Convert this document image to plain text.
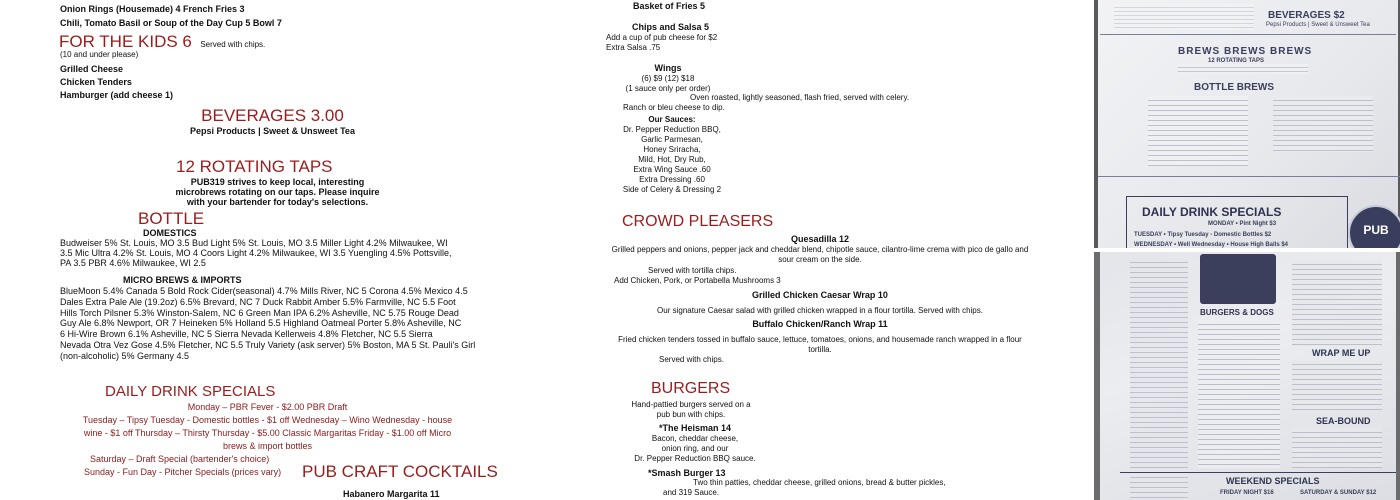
Onion Rings (Housemade) 4 French Fries 3
Chili, Tomato Basil or Soup of the Day Cup 5 Bowl 7
FOR THE KIDS 6 Served with chips.
(10 and under please)
Grilled Cheese
Chicken Tenders
Hamburger (add cheese 1)
BEVERAGES 3.00
Pepsi Products | Sweet & Unsweet Tea
12 ROTATING TAPS
PUB319 strives to keep local, interesting
microbrews rotating on our taps. Please inquire
with your bartender for today's selections.
BOTTLE
DOMESTICS
Budweiser 5% St. Louis, MO 3.5 Bud Light 5% St. Louis, MO 3.5 Miller Light 4.2% Milwaukee, WI
3.5 Mic Ultra 4.2% St. Louis, MO 4 Coors Light 4.2% Milwaukee, WI 3.5 Yuengling 4.5% Pottsville,
PA 3.5 PBR 4.6% Milwaukee, WI 2.5
MICRO BREWS & IMPORTS
BlueMoon 5.4% Canada 5 Bold Rock Cider(seasonal) 4.7% Mills River, NC 5 Corona 4.5% Mexico 4.5
Dales Extra Pale Ale (19.2oz) 6.5% Brevard, NC 7 Duck Rabbit Amber 5.5% Farmville, NC 5.5 Foot
Hills Torch Pilsner 5.3% Winston-Salem, NC 6 Green Man IPA 6.2% Asheville, NC 5.75 Rouge Dead
Guy Ale 6.8% Newport, OR 7 Heineken 5% Holland 5.5 Highland Oatmeal Porter 5.8% Asheville, NC
6 Hi-Wire Brown 6.1% Asheville, NC 5 Sierra Nevada Kellerweis 4.8% Fletcher, NC 5.5 Sierra
Nevada Otra Vez Gose 4.5% Fletcher, NC 5.5 Truly Variety (ask server) 5% Boston, MA 5 St. Pauli's Girl
(non-alcoholic) 5% Germany 4.5
DAILY DRINK SPECIALS
Monday – PBR Fever - $2.00 PBR Draft
Tuesday – Tipsy Tuesday - Domestic bottles - $1 off Wednesday – Wino Wednesday - house
wine - $1 off Thursday – Thirsty Thursday - $5.00 Classic Margaritas Friday - $1.00 off Micro
brews & import bottles
Saturday – Draft Special (bartender's choice)
Sunday - Fun Day - Pitcher Specials (prices vary)	PUB CRAFT COCKTAILS
Habanero Margarita 11
Basket of Fries 5
Chips and Salsa 5
Add a cup of pub cheese for $2
Extra Salsa .75
Wings
(6) $9 (12) $18
(1 sauce only per order)
Oven roasted, lightly seasoned, flash fried, served with celery.
Ranch or bleu cheese to dip.
Our Sauces:
Dr. Pepper Reduction BBQ,
Garlic Parmesan,
Honey Sriracha,
Mild, Hot, Dry Rub,
Extra Wing Sauce .60
Extra Dressing .60
Side of Celery & Dressing 2
CROWD PLEASERS
Quesadilla 12
Grilled peppers and onions, pepper jack and cheddar blend, chipotle sauce, cilantro-lime crema with pico de gallo and
sour cream on the side.
Served with tortilla chips.
Add Chicken, Pork, or Portabella Mushrooms 3
Grilled Chicken Caesar Wrap 10
Our signature Caesar salad with grilled chicken wrapped in a flour tortilla. Served with chips.
Buffalo Chicken/Ranch Wrap 11
Fried chicken tenders tossed in buffalo sauce, lettuce, tomatoes, onions, and housemade ranch wrapped in a flour
tortilla.
Served with chips.
BURGERS
Hand-pattied burgers served on a
pub bun with chips.
*The Heisman 14
Bacon, cheddar cheese,
onion ring, and our
Dr. Pepper Reduction BBQ sauce.
*Smash Burger 13
Two thin patties, cheddar cheese, grilled onions, bread & butter pickles,
and 319 Sauce.
BEVERAGES $2
Pepsi Products | Sweet & Unsweet Tea
BREWS BREWS BREWS
12 ROTATING TAPS
BOTTLE BREWS
DAILY DRINK SPECIALS
MONDAY • Pint Night $3
TUESDAY • Tipsy Tuesday - Domestic Bottles $2
WEDNESDAY • Well Wednesday • House High Balls $4
PUB
BURGERS & DOGS
WRAP ME UP
SEA-BOUND
WEEKEND SPECIALS
FRIDAY NIGHT $16	SATURDAY & SUNDAY $12
